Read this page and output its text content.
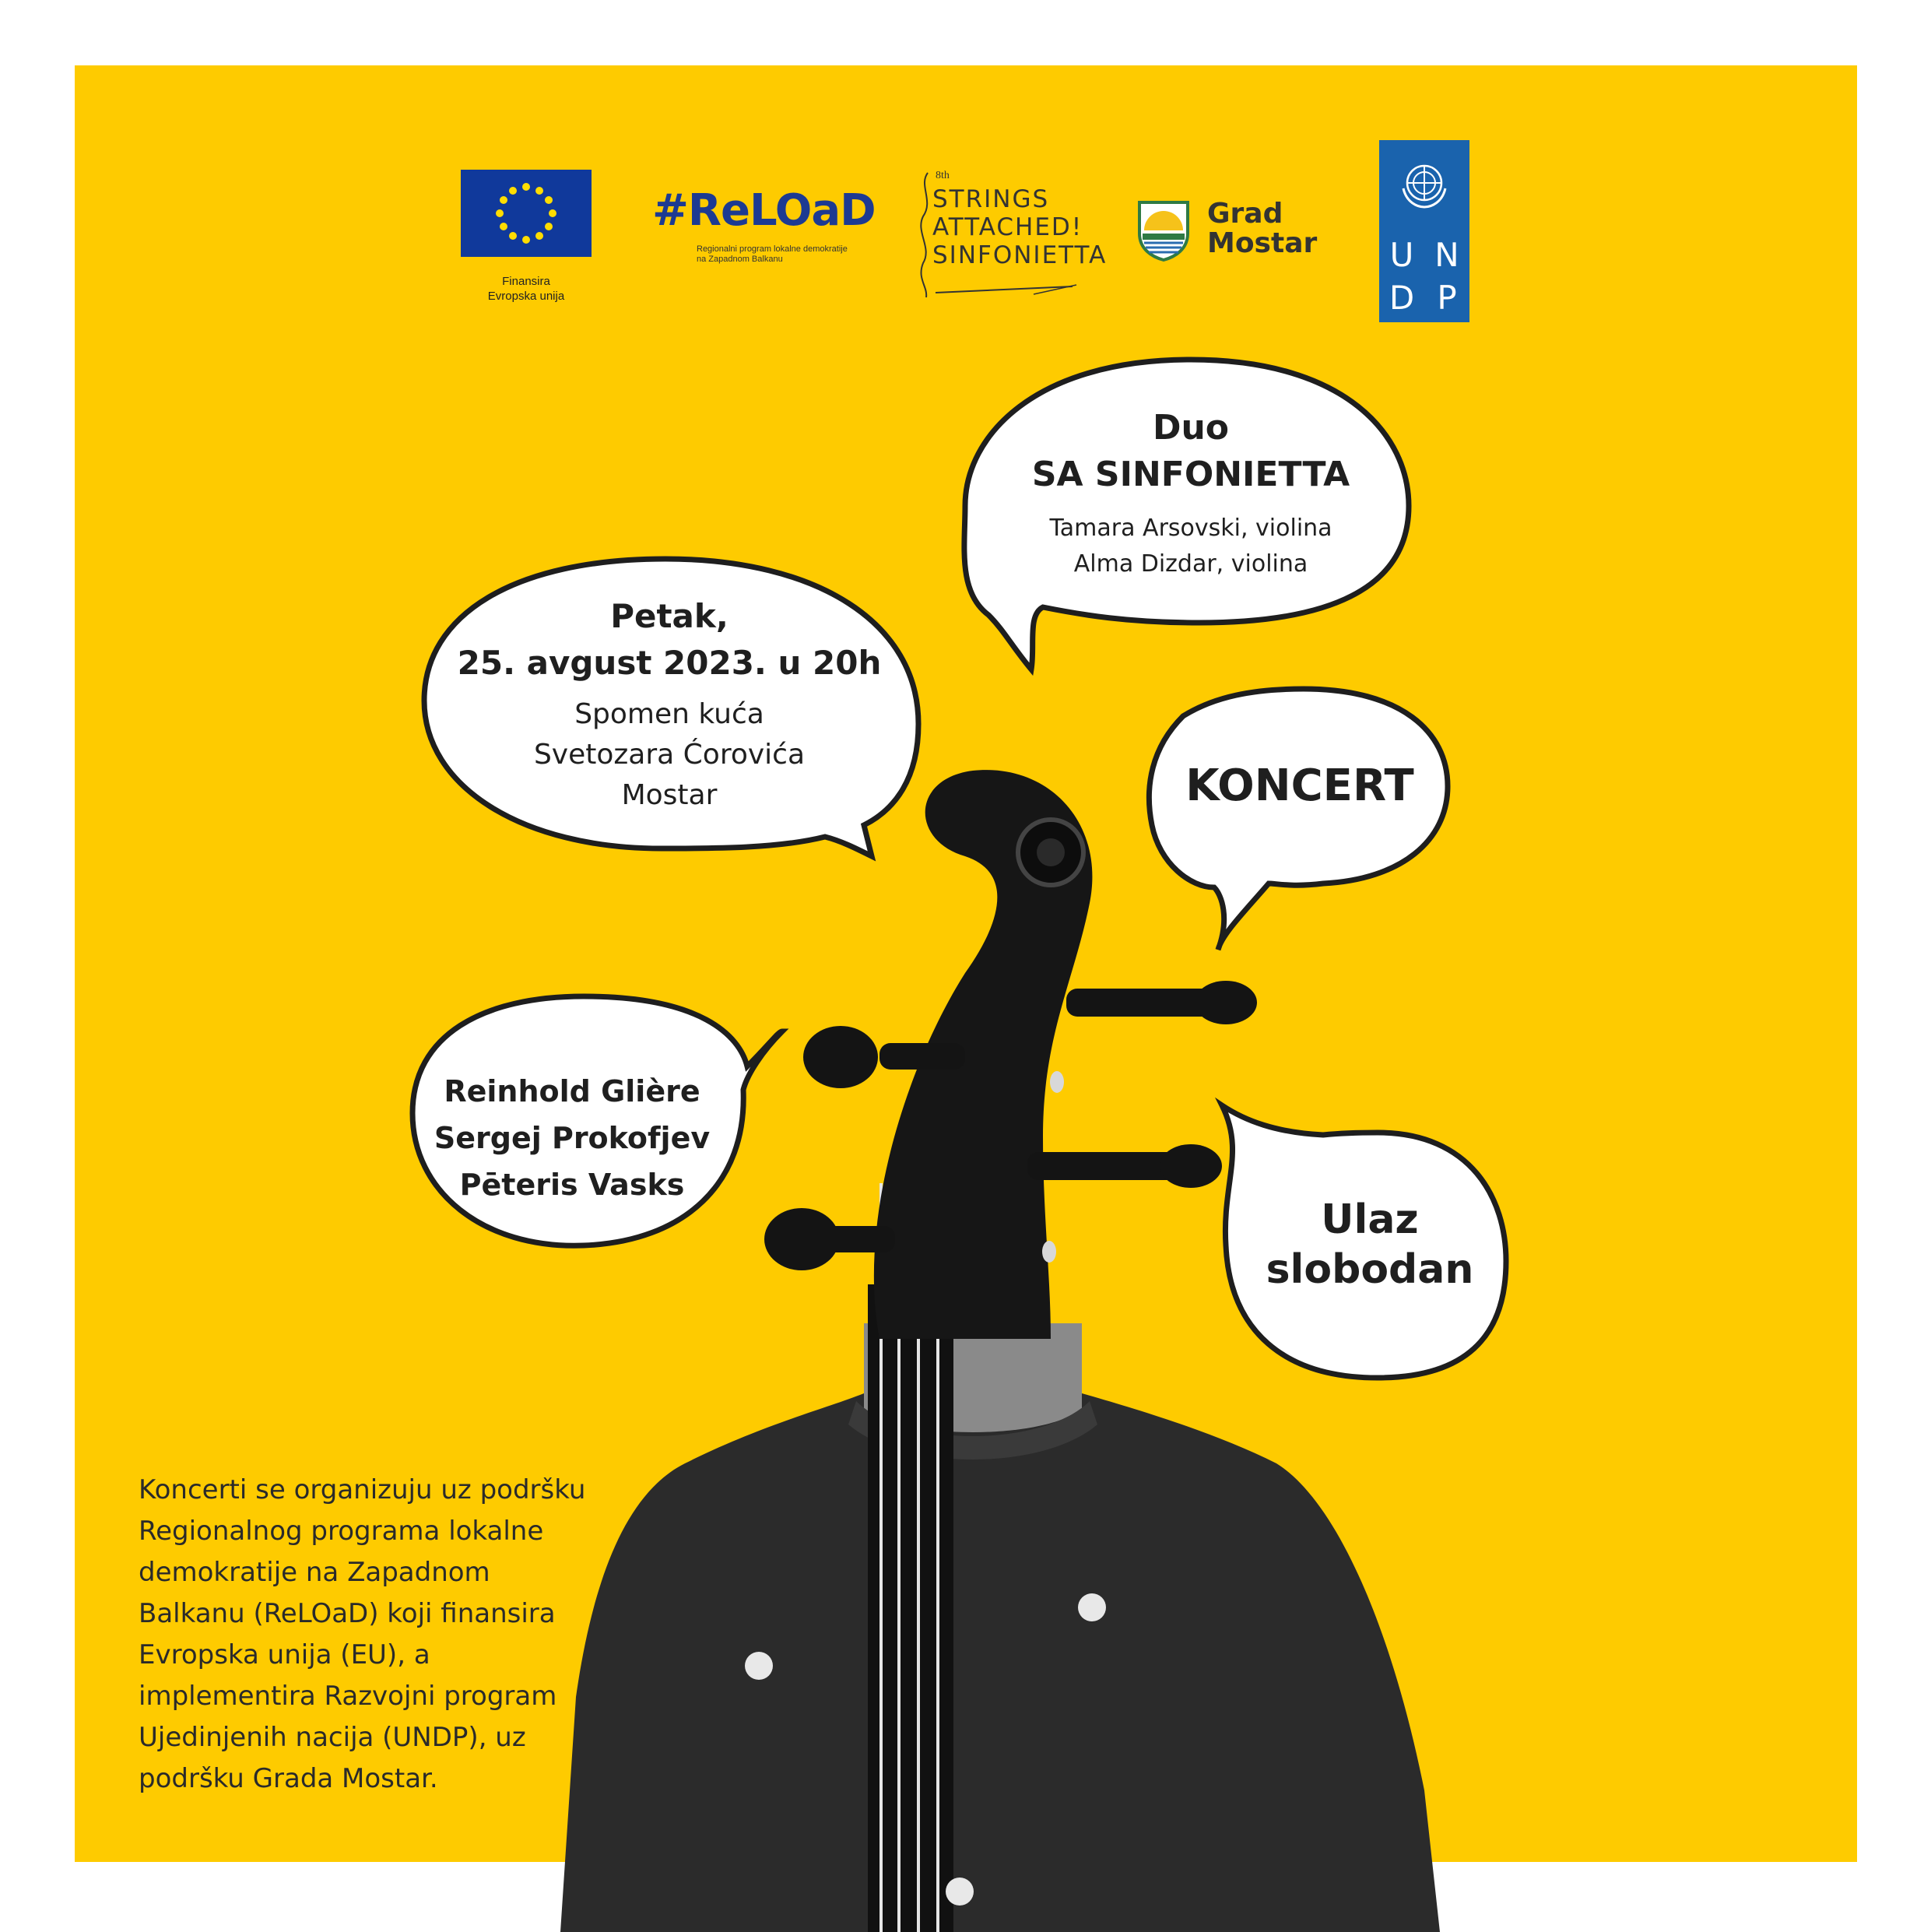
Finansira
Evropska unija
#ReLOaD
Regionalni program lokalne demokratije
na Zapadnom Balkanu
8th
STRINGS
ATTACHED!
SINFONIETTA
Grad
Mostar U N
D P
Duo
SA SINFONIETTA
Tamara Arsovski, violina
Alma Dizdar, violina
Petak,
25. avgust 2023. u 20h
Spomen kuća
Svetozara Ćorovića
Mostar	KONCERT
Reinhold Glière
Sergej Prokofjev
Pēteris Vasks
Ulaz
slobodan
Koncerti se organizuju uz podršku
Regionalnog programa lokalne
demokratije na Zapadnom
Balkanu (ReLOaD) koji finansira
Evropska unija (EU), a
implementira Razvojni program
Ujedinjenih nacija (UNDP), uz
podršku Grada Mostar.
